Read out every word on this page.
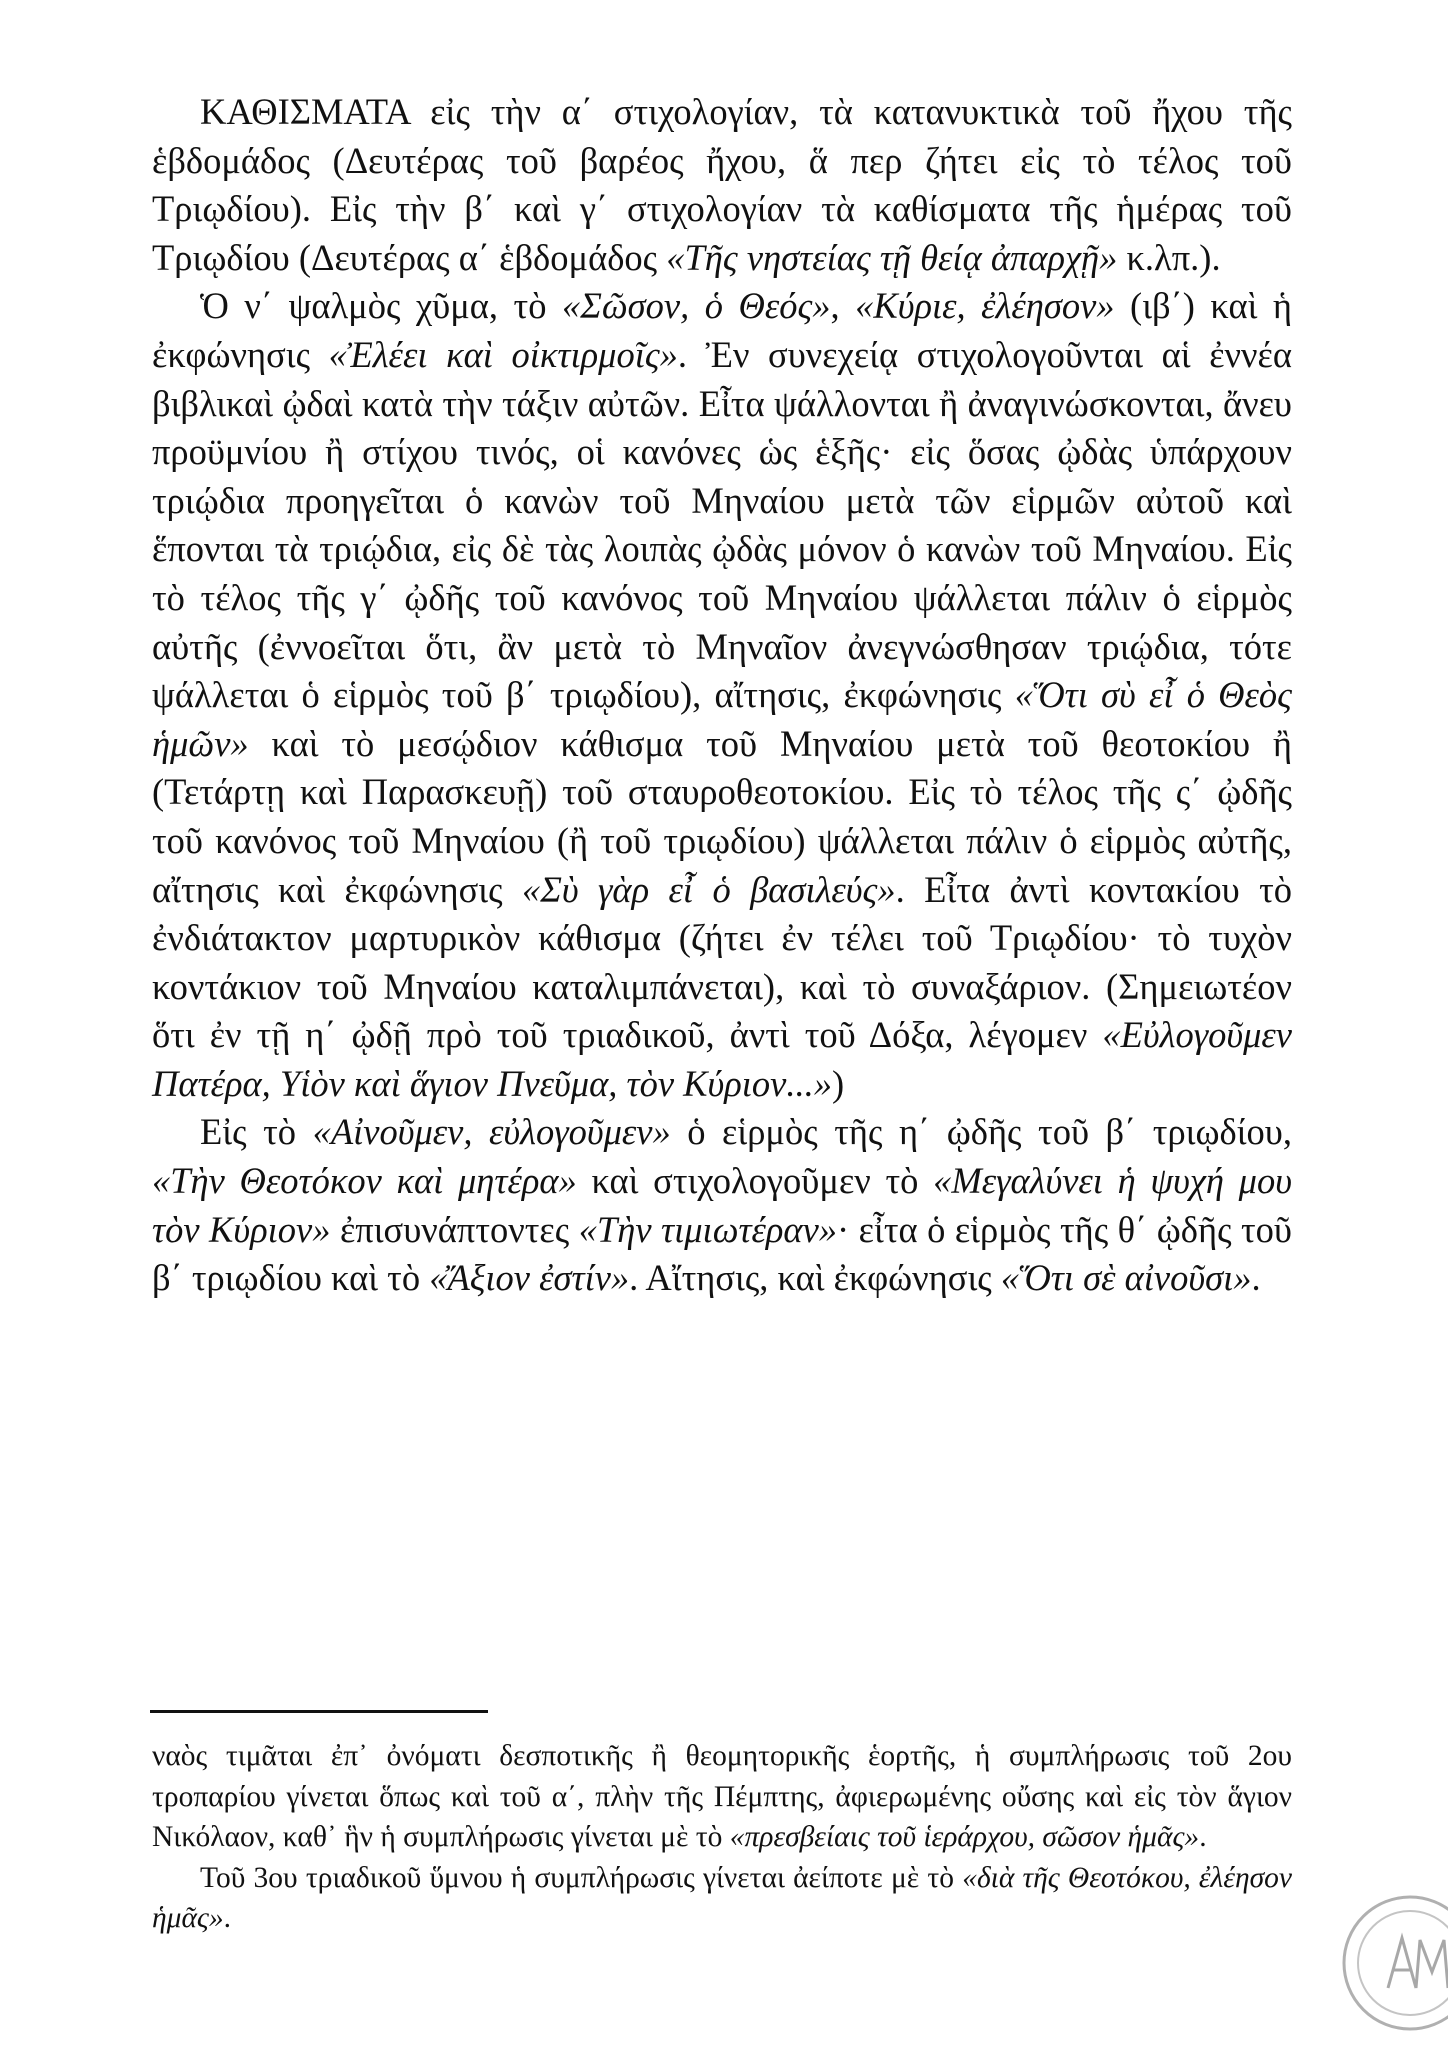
ΚΑΘΙΣΜΑΤΑ εἰς τὴν α΄ στιχολογίαν, τὰ κατανυκτικὰ τοῦ ἤχου τῆς ἑβδομάδος (Δευτέρας τοῦ βαρέος ἤχου, ἅ περ ζήτει εἰς τὸ τέλος τοῦ Τριῳδίου). Εἰς τὴν β΄ καὶ γ΄ στιχολογίαν τὰ καθίσματα τῆς ἡμέρας τοῦ Τριῳδίου (Δευτέρας α΄ ἑβδομάδος «Τῆς νηστείας τῇ θείᾳ ἀπαρχῇ» κ.λπ.).

Ὁ ν΄ ψαλμὸς χῦμα, τὸ «Σῶσον, ὁ Θεός», «Κύριε, ἐλέησον» (ιβ΄) καὶ ἡ ἐκφώνησις «Ἐλέει καὶ οἰκτιρμοῖς». Ἐν συνεχείᾳ στιχολογοῦνται αἱ ἐννέα βιβλικαὶ ᾠδαὶ κατὰ τὴν τάξιν αὐτῶν. Εἶτα ψάλλονται ἢ ἀναγινώσκονται, ἄνευ προϋμνίου ἢ στίχου τινός, οἱ κανόνες ὡς ἑξῆς· εἰς ὅσας ᾠδὰς ὑπάρχουν τριῴδια προηγεῖται ὁ κανὼν τοῦ Μηναίου μετὰ τῶν εἱρμῶν αὐτοῦ καὶ ἕπονται τὰ τριῴδια, εἰς δὲ τὰς λοιπὰς ᾠδὰς μόνον ὁ κανὼν τοῦ Μηναίου. Εἰς τὸ τέλος τῆς γ΄ ᾠδῆς τοῦ κανόνος τοῦ Μηναίου ψάλλεται πάλιν ὁ εἱρμὸς αὐτῆς (ἐννοεῖται ὅτι, ἂν μετὰ τὸ Μηναῖον ἀνεγνώσθησαν τριῴδια, τότε ψάλλεται ὁ εἱρμὸς τοῦ β΄ τριῳδίου), αἴτησις, ἐκφώνησις «Ὅτι σὺ εἶ ὁ Θεὸς ἡμῶν» καὶ τὸ μεσῴδιον κάθισμα τοῦ Μηναίου μετὰ τοῦ θεοτοκίου ἢ (Τετάρτῃ καὶ Παρασκευῇ) τοῦ σταυροθεοτοκίου. Εἰς τὸ τέλος τῆς ς΄ ᾠδῆς τοῦ κανόνος τοῦ Μηναίου (ἢ τοῦ τριῳδίου) ψάλλεται πάλιν ὁ εἱρμὸς αὐτῆς, αἴτησις καὶ ἐκφώνησις «Σὺ γὰρ εἶ ὁ βασιλεύς». Εἶτα ἀντὶ κοντακίου τὸ ἐνδιάτακτον μαρτυρικὸν κάθισμα (ζήτει ἐν τέλει τοῦ Τριῳδίου· τὸ τυχὸν κοντάκιον τοῦ Μηναίου καταλιμπάνεται), καὶ τὸ συναξάριον. (Σημειωτέον ὅτι ἐν τῇ η΄ ᾠδῇ πρὸ τοῦ τριαδικοῦ, ἀντὶ τοῦ Δόξα, λέγομεν «Εὐλογοῦμεν Πατέρα, Υἱὸν καὶ ἅγιον Πνεῦμα, τὸν Κύριον...»)

Εἰς τὸ «Αἰνοῦμεν, εὐλογοῦμεν» ὁ εἱρμὸς τῆς η΄ ᾠδῆς τοῦ β΄ τριῳδίου, «Τὴν Θεοτόκον καὶ μητέρα» καὶ στιχολογοῦμεν τὸ «Μεγαλύνει ἡ ψυχή μου τὸν Κύριον» ἐπισυνάπτοντες «Τὴν τιμιωτέραν»· εἶτα ὁ εἱρμὸς τῆς θ΄ ᾠδῆς τοῦ β΄ τριῳδίου καὶ τὸ «Ἄξιον ἐστίν». Αἴτησις, καὶ ἐκφώνησις «Ὅτι σὲ αἰνοῦσι».

ναὸς τιμᾶται ἐπ᾽ ὀνόματι δεσποτικῆς ἢ θεομητορικῆς ἑορτῆς, ἡ συμπλήρωσις τοῦ 2ου τροπαρίου γίνεται ὅπως καὶ τοῦ α΄, πλὴν τῆς Πέμπτης, ἀφιερωμένης οὔσης καὶ εἰς τὸν ἅγιον Νικόλαον, καθ᾽ ἣν ἡ συμπλήρωσις γίνεται μὲ τὸ «πρεσβείαις τοῦ ἱεράρχου, σῶσον ἡμᾶς».

Τοῦ 3ου τριαδικοῦ ὕμνου ἡ συμπλήρωσις γίνεται ἀείποτε μὲ τὸ «διὰ τῆς Θεοτόκου, ἐλέησον ἡμᾶς».
